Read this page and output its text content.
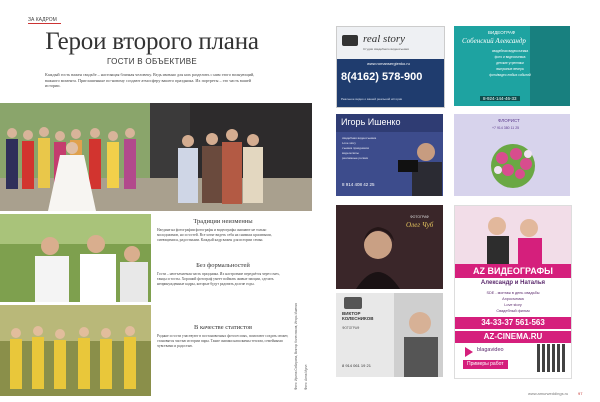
ЗА КАДРОМ
Герои второго плана
ГОСТИ В ОБЪЕКТИВЕ
Каждый гость важен свадьбе – настоящая близкая человеку. Ведь именно для них разделить с ним этого волнующий, важного момента. Приглашенные по-новому создают атмосферу вашего праздника. Их портреты – это часть вашей истории.
Традиции неизменны
Наедине на фотографии фотографы и видеографы снимают не только молодоженов, но и гостей. Все хотят видеть себя на снимках красивыми, смеющимися, радостными. Каждый кадр важен для истории семьи.
Без формальностей
Гости – неотъемлемая часть праздника. Их настроение передаётся через смех, танцы и тосты. Хороший фотограф умеет поймать живые эмоции, сделать непринужденные кадры, которые будут радовать долгие годы.
В качестве статистов
Родные и гости участвуют в постановочных фотосессиях, помогают создать сюжет, становятся частью истории пары. Такие снимки наполнены теплом, семейными чувствами и радостью.	Фото: Ирина Сибирина, Виктор Колесников, Игорь Ишенко Фото: Анна Мулл
real story
Студия свадебного видеосъемки
www.romansergienko.ru
8(4162) 578-900
Реальное видео о вашей реальной истории
ВИДЕОГРАФ
Собенский Александр
свадебная видеосъемка
фото и видеосъемка
детские утренники
выпускные вечера
фото/видео любых событий
8-924-144-46-33
Игорь Ишенко
свадебная видеосъемка
Love story
съемка праздников
видеоклипы
рекламные ролики
8 914 408 42 25
ФЛОРИСТ
+7 914 380 11 25
ФОТОГРАФ
Олег Чуб
ВИКТОР КОЛЕСНИКОВ
ФОТОГРАФ
8 914 061 19 21
AZ ВИДЕОГРАФЫ
Александр и Наталья
SDE - монтаж в день свадьбы
Аэросъемка
Love story
Свадебный фильм
34-33-37 561-563
AZ-CINEMA.RU
blagavideo
Примеры работ
www.amurweddings.ru 97
